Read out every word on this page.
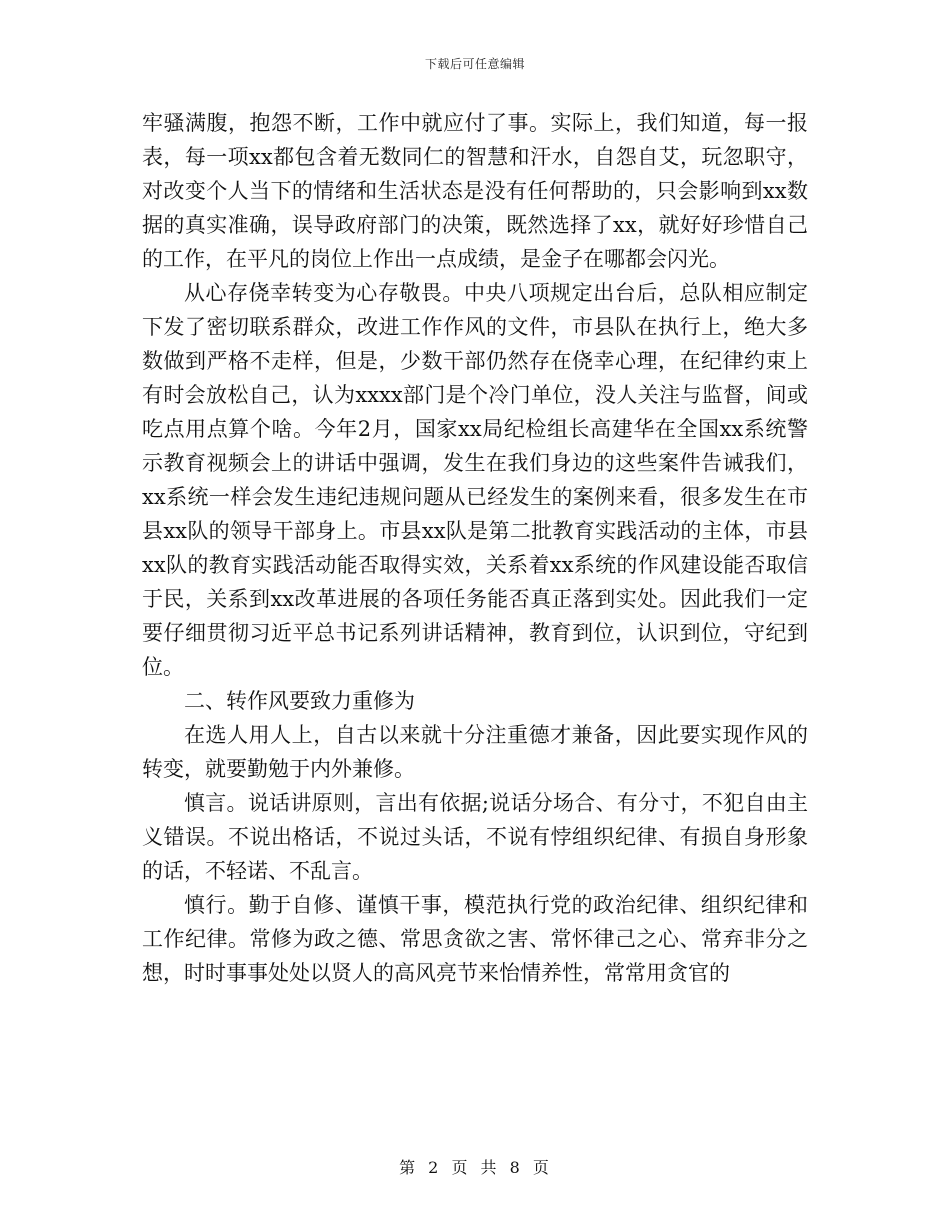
下载后可任意编辑

牢骚满腹，抱怨不断，工作中就应付了事。实际上，我们知道，每一报表，每一项xx都包含着无数同仁的智慧和汗水，自怨自艾，玩忽职守，对改变个人当下的情绪和生活状态是没有任何帮助的，只会影响到xx数据的真实准确，误导政府部门的决策，既然选择了xx，就好好珍惜自己的工作，在平凡的岗位上作出一点成绩，是金子在哪都会闪光。

从心存侥幸转变为心存敬畏。中央八项规定出台后，总队相应制定下发了密切联系群众，改进工作作风的文件，市县队在执行上，绝大多数做到严格不走样，但是，少数干部仍然存在侥幸心理，在纪律约束上有时会放松自己，认为xxxx部门是个冷门单位，没人关注与监督，间或吃点用点算个啥。今年2月，国家xx局纪检组长高建华在全国xx系统警示教育视频会上的讲话中强调，发生在我们身边的这些案件告诫我们，xx系统一样会发生违纪违规问题从已经发生的案例来看，很多发生在市县xx队的领导干部身上。市县xx队是第二批教育实践活动的主体，市县xx队的教育实践活动能否取得实效，关系着xx系统的作风建设能否取信于民，关系到xx改革进展的各项任务能否真正落到实处。因此我们一定要仔细贯彻习近平总书记系列讲话精神，教育到位，认识到位，守纪到位。

二、转作风要致力重修为

在选人用人上，自古以来就十分注重德才兼备，因此要实现作风的转变，就要勤勉于内外兼修。

慎言。说话讲原则，言出有依据;说话分场合、有分寸，不犯自由主义错误。不说出格话，不说过头话，不说有悖组织纪律、有损自身形象的话，不轻诺、不乱言。

慎行。勤于自修、谨慎干事，模范执行党的政治纪律、组织纪律和工作纪律。常修为政之德、常思贪欲之害、常怀律己之心、常弃非分之想，时时事事处处以贤人的高风亮节来怡情养性，常常用贪官的

第 2 页 共 8 页
